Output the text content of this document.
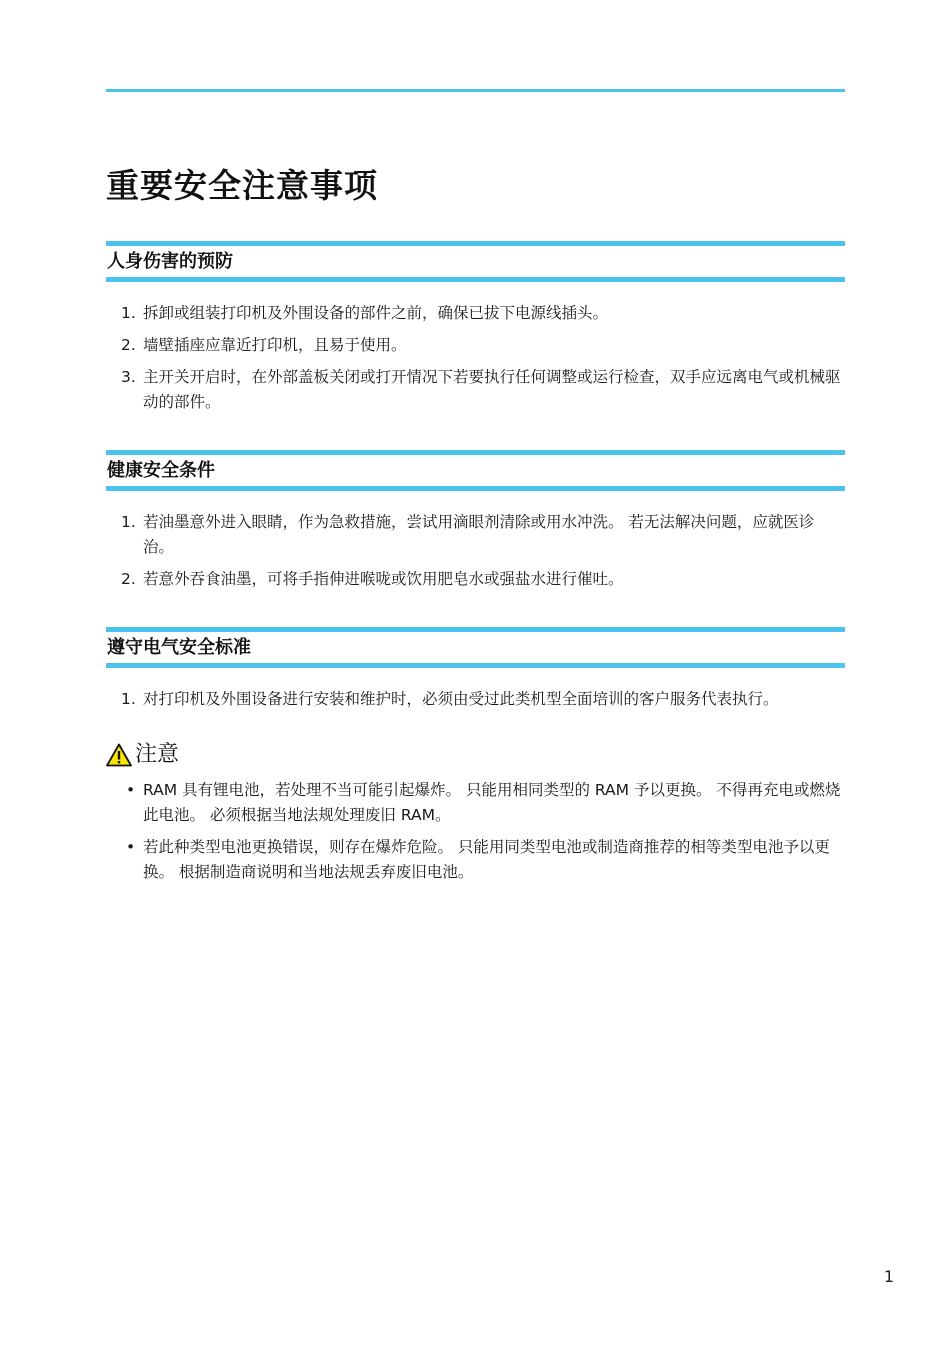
重要安全注意事项
人身伤害的预防
1. 拆卸或组装打印机及外围设备的部件之前，确保已拔下电源线插头。
2. 墙壁插座应靠近打印机，且易于使用。
3. 主开关开启时，在外部盖板关闭或打开情况下若要执行任何调整或运行检查，双手应远离电气或机械驱动的部件。
健康安全条件
1. 若油墨意外进入眼睛，作为急救措施，尝试用滴眼剂清除或用水冲洗。 若无法解决问题，应就医诊治。
2. 若意外吞食油墨，可将手指伸进喉咙或饮用肥皂水或强盐水进行催吐。
遵守电气安全标准
1. 对打印机及外围设备进行安装和维护时，必须由受过此类机型全面培训的客户服务代表执行。
注意
• RAM 具有锂电池，若处理不当可能引起爆炸。 只能用相同类型的 RAM 予以更换。 不得再充电或燃烧此电池。 必须根据当地法规处理废旧 RAM。
• 若此种类型电池更换错误，则存在爆炸危险。 只能用同类型电池或制造商推荐的相等类型电池予以更换。 根据制造商说明和当地法规丢弃废旧电池。
1
